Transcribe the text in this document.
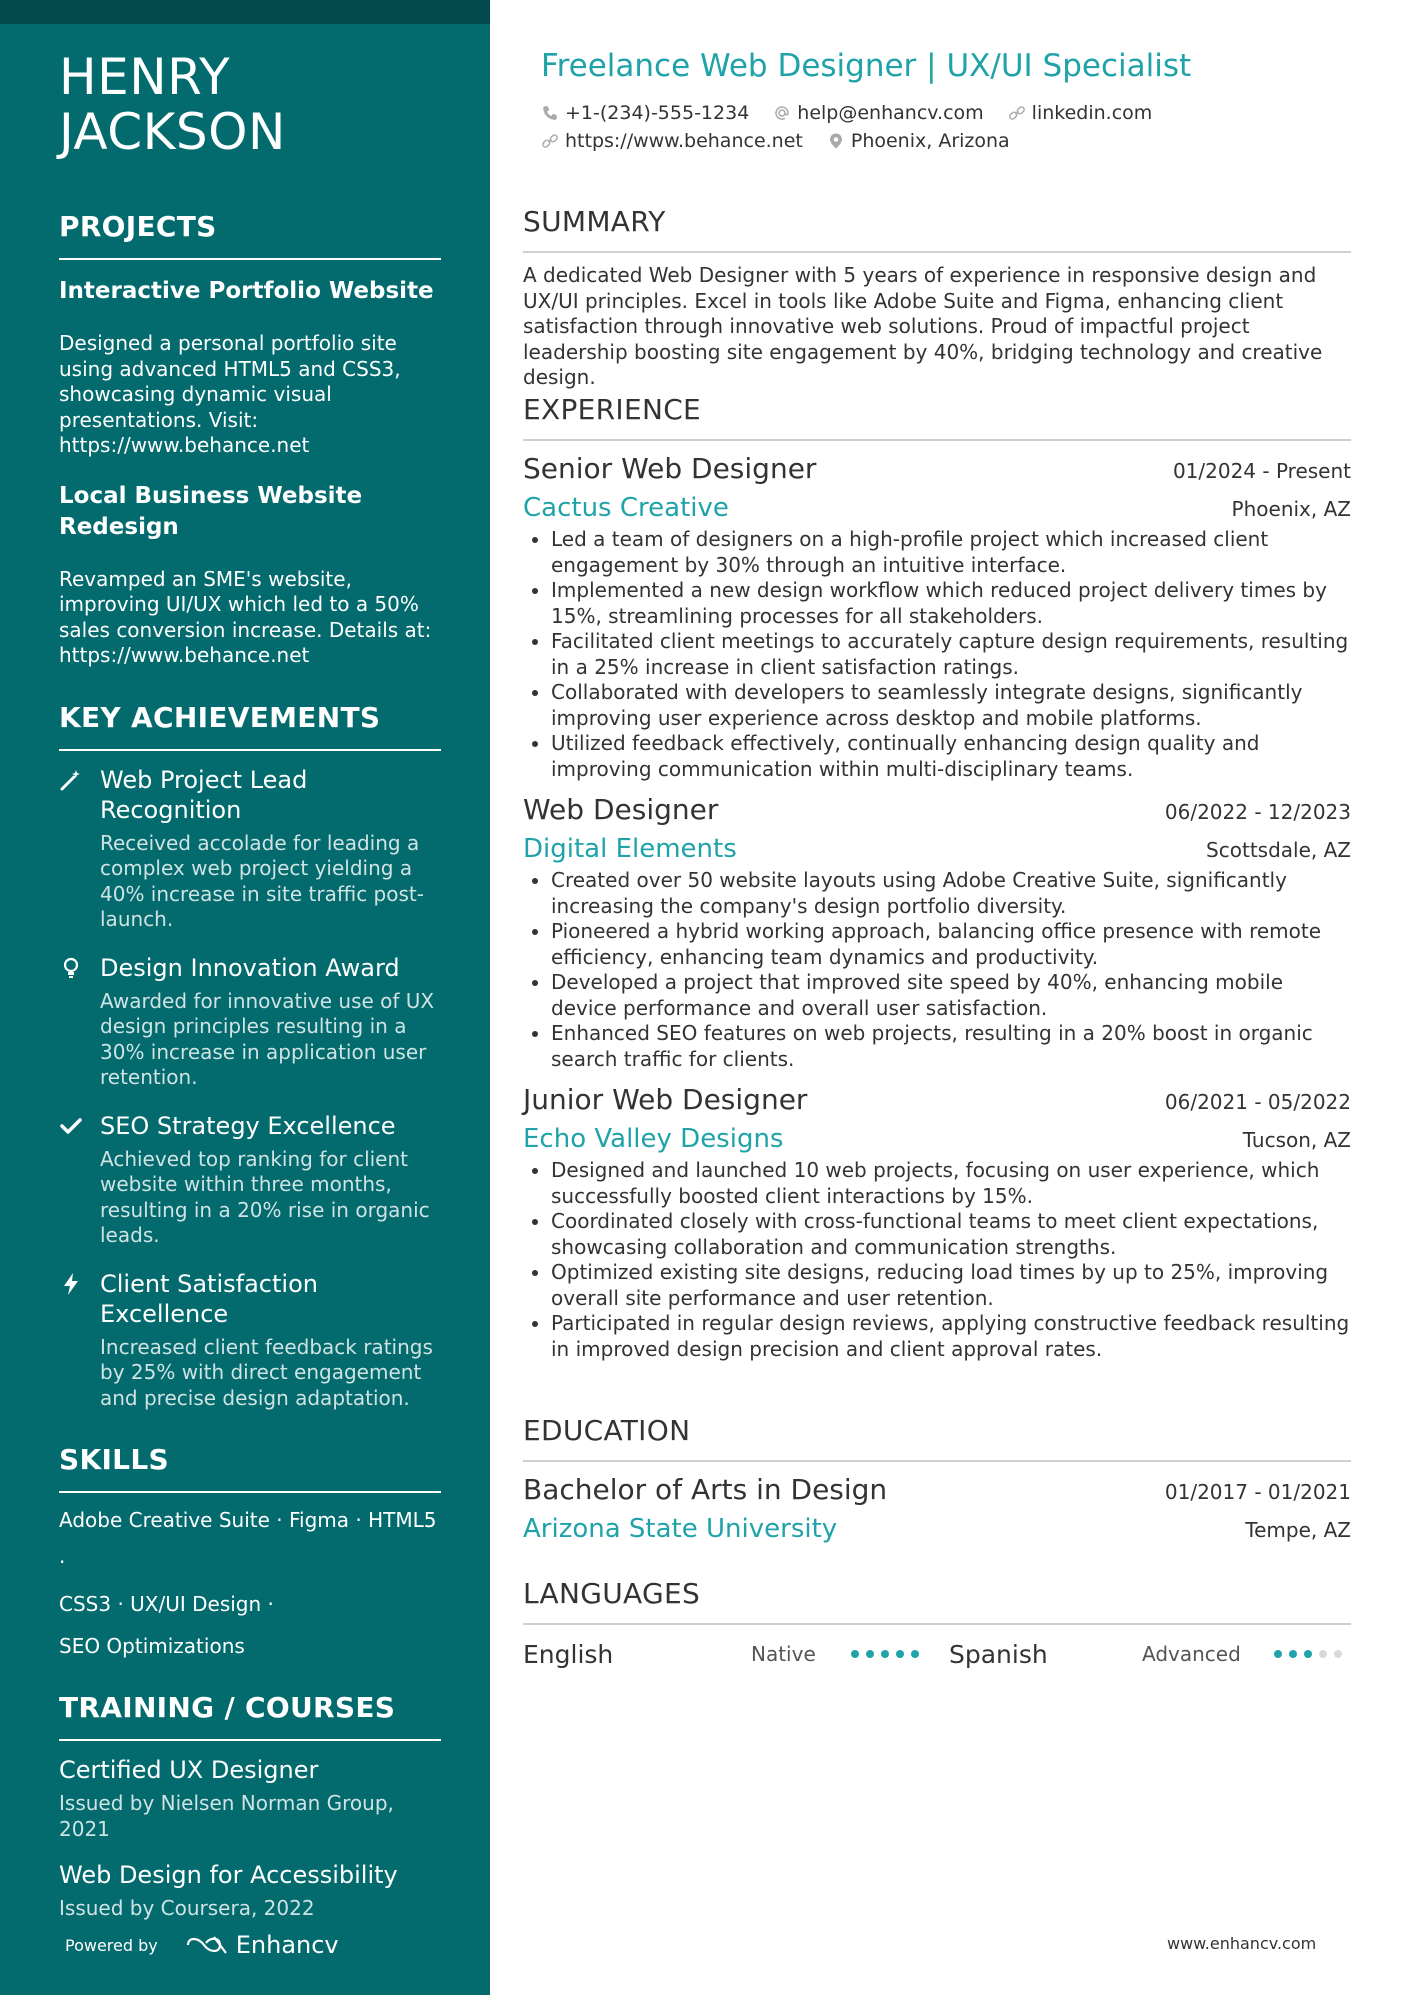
HENRY
JACKSON
PROJECTS
Interactive Portfolio Website
Designed a personal portfolio site using advanced HTML5 and CSS3, showcasing dynamic visual presentations. Visit: https://www.behance.net
Local Business Website Redesign
Revamped an SME's website, improving UI/UX which led to a 50% sales conversion increase. Details at: https://www.behance.net
KEY ACHIEVEMENTS
Web Project Lead Recognition
Received accolade for leading a complex web project yielding a 40% increase in site traffic post-launch.
Design Innovation Award
Awarded for innovative use of UX design principles resulting in a 30% increase in application user retention.
SEO Strategy Excellence
Achieved top ranking for client website within three months, resulting in a 20% rise in organic leads.
Client Satisfaction Excellence
Increased client feedback ratings by 25% with direct engagement and precise design adaptation.
SKILLS
Adobe Creative Suite · Figma · HTML5 ·
CSS3 · UX/UI Design ·
SEO Optimizations
TRAINING / COURSES
Certified UX Designer
Issued by Nielsen Norman Group, 2021
Web Design for Accessibility
Issued by Coursera, 2022
Powered by	Enhancv
Freelance Web Designer | UX/UI Specialist
+1-(234)-555-1234	help@enhancv.com	linkedin.com
https://www.behance.net	Phoenix, Arizona
SUMMARY
A dedicated Web Designer with 5 years of experience in responsive design and UX/UI principles. Excel in tools like Adobe Suite and Figma, enhancing client satisfaction through innovative web solutions. Proud of impactful project leadership boosting site engagement by 40%, bridging technology and creative design.
EXPERIENCE
Senior Web Designer	01/2024 - Present
Cactus Creative	Phoenix, AZ
• Led a team of designers on a high-profile project which increased client engagement by 30% through an intuitive interface.
• Implemented a new design workflow which reduced project delivery times by 15%, streamlining processes for all stakeholders.
• Facilitated client meetings to accurately capture design requirements, resulting in a 25% increase in client satisfaction ratings.
• Collaborated with developers to seamlessly integrate designs, significantly improving user experience across desktop and mobile platforms.
• Utilized feedback effectively, continually enhancing design quality and improving communication within multi-disciplinary teams.
Web Designer	06/2022 - 12/2023
Digital Elements	Scottsdale, AZ
• Created over 50 website layouts using Adobe Creative Suite, significantly increasing the company's design portfolio diversity.
• Pioneered a hybrid working approach, balancing office presence with remote efficiency, enhancing team dynamics and productivity.
• Developed a project that improved site speed by 40%, enhancing mobile device performance and overall user satisfaction.
• Enhanced SEO features on web projects, resulting in a 20% boost in organic search traffic for clients.
Junior Web Designer	06/2021 - 05/2022
Echo Valley Designs	Tucson, AZ
• Designed and launched 10 web projects, focusing on user experience, which successfully boosted client interactions by 15%.
• Coordinated closely with cross-functional teams to meet client expectations, showcasing collaboration and communication strengths.
• Optimized existing site designs, reducing load times by up to 25%, improving overall site performance and user retention.
• Participated in regular design reviews, applying constructive feedback resulting in improved design precision and client approval rates.
EDUCATION
Bachelor of Arts in Design	01/2017 - 01/2021
Arizona State University	Tempe, AZ
LANGUAGES
English	Native	Spanish	Advanced
www.enhancv.com
